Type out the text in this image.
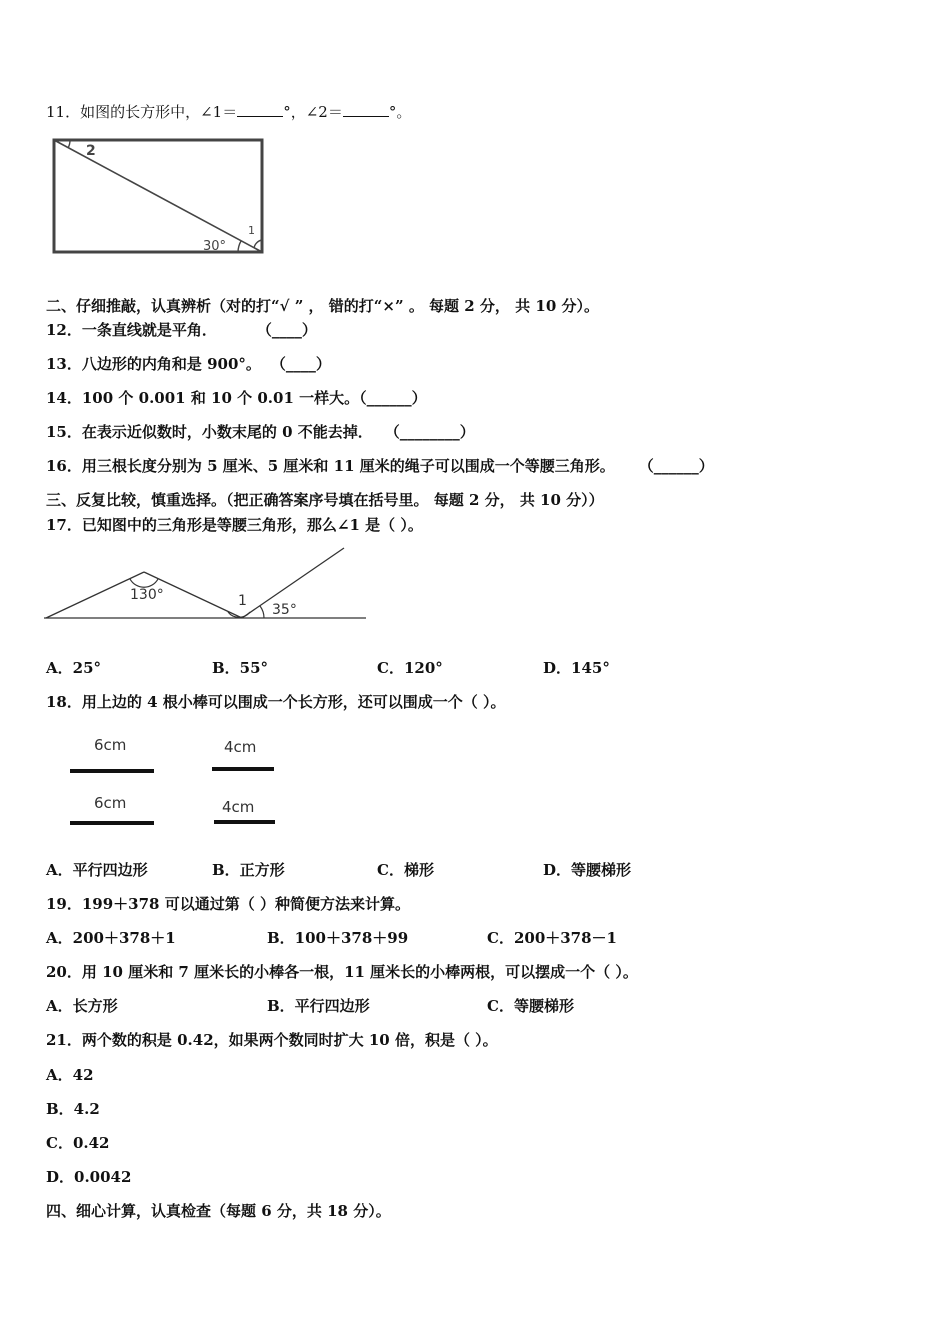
11．如图的长方形中，∠1＝	°，∠2＝	°。
2
30°
1
二、仔细推敲，认真辨析（对的打“√ ” ， 错的打“×” 。 每题 2 分， 共 10 分）。
12．一条直线就是平角．	（____）
13．八边形的内角和是 900°。 （____）
14．100 个 0.001 和 10 个 0.01 一样大。（______）
15．在表示近似数时，小数末尾的 0 不能去掉． （________）
16．用三根长度分别为 5 厘米、5 厘米和 11 厘米的绳子可以围成一个等腰三角形。 （______）
三、反复比较，慎重选择。（把正确答案序号填在括号里。 每题 2 分， 共 10 分））
17．已知图中的三角形是等腰三角形，那么∠1 是（ ）。
130°	1
35°
A．25°	B．55°	C．120°	D．145°
18．用上边的 4 根小棒可以围成一个长方形，还可以围成一个（ ）。
6cm
6cm
4cm
4cm
A．平行四边形	B．正方形	C．梯形	D．等腰梯形
19．199＋378 可以通过第（ ）种简便方法来计算。
A．200＋378＋1	B．100＋378＋99	C．200＋378－1
20．用 10 厘米和 7 厘米长的小棒各一根，11 厘米长的小棒两根，可以摆成一个（ ）。
A．长方形	B．平行四边形	C．等腰梯形
21．两个数的积是 0.42，如果两个数同时扩大 10 倍，积是（ ）。
A．42
B．4.2
C．0.42
D．0.0042
四、细心计算，认真检查（每题 6 分，共 18 分）。
